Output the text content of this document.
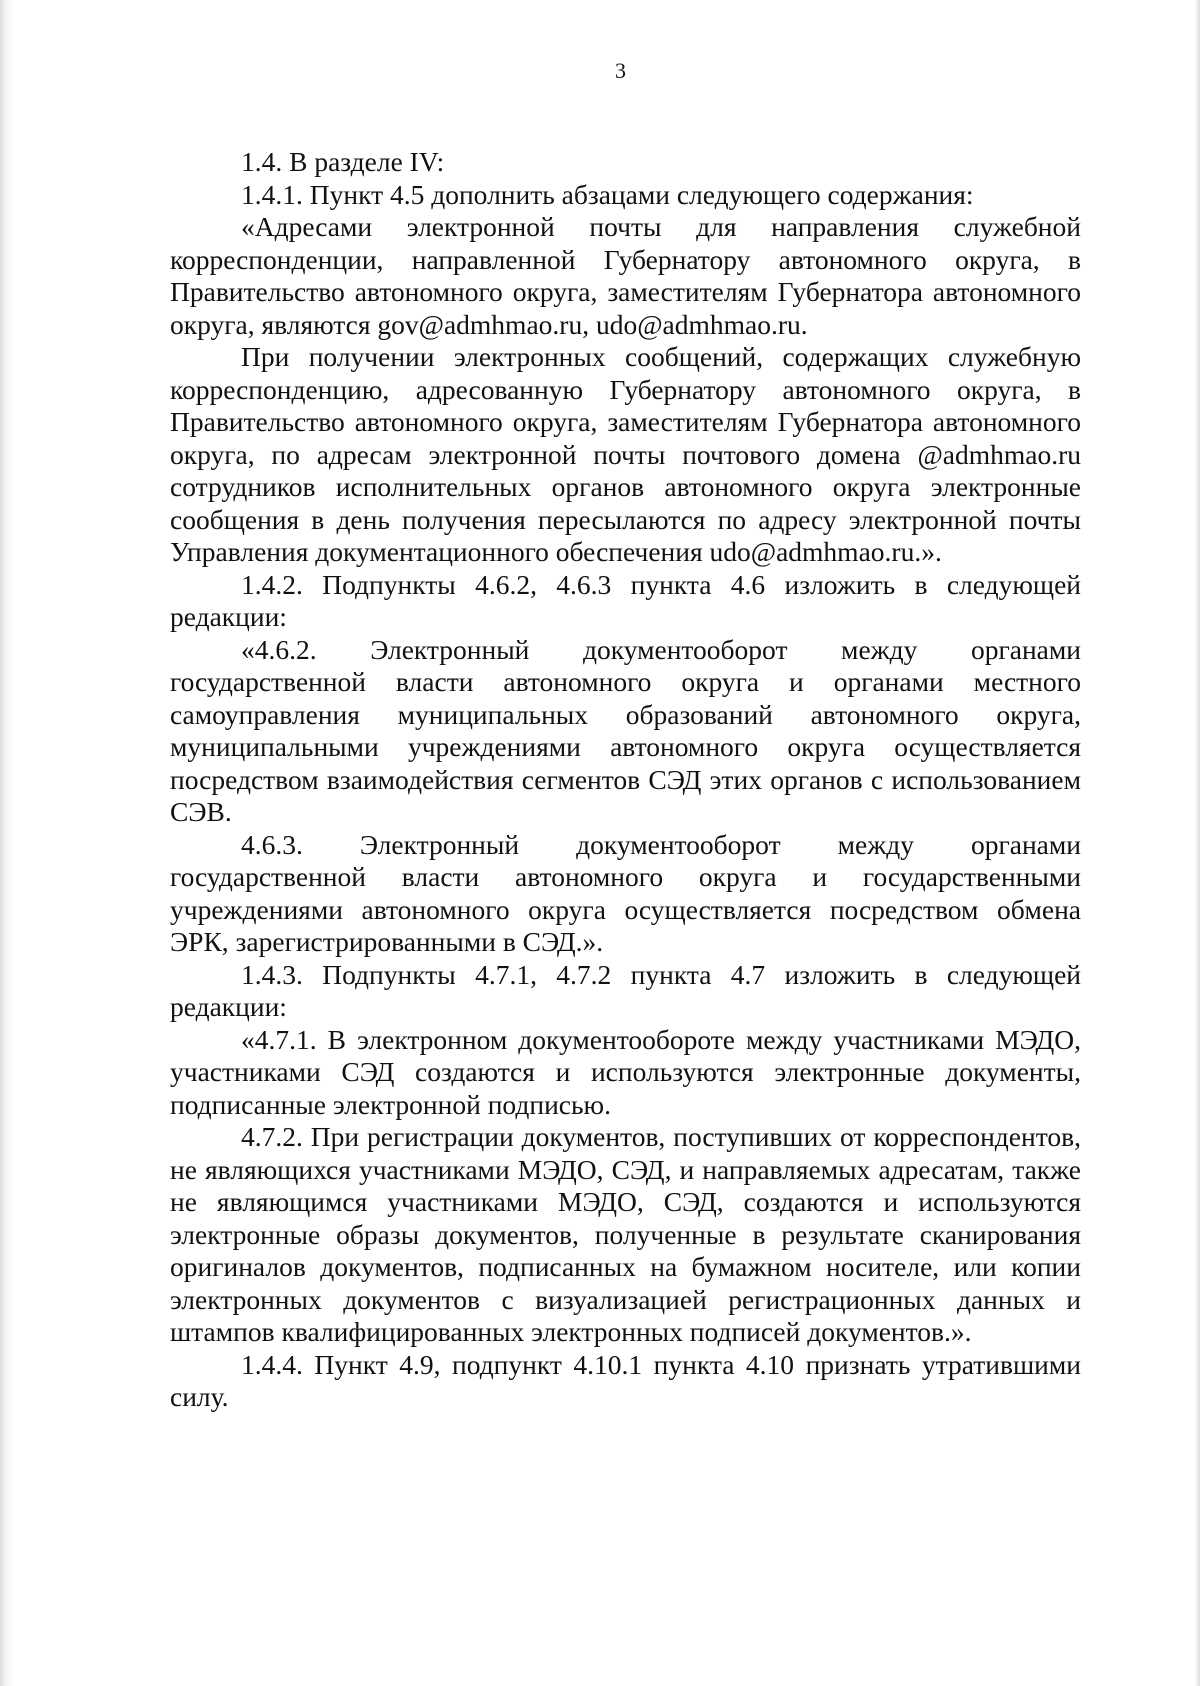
3

1.4. В разделе IV:

1.4.1. Пункт 4.5 дополнить абзацами следующего содержания:

«Адресами электронной почты для направления служебной корреспонденции, направленной Губернатору автономного округа, в Правительство автономного округа, заместителям Губернатора автономного округа, являются gov@admhmao.ru, udo@admhmao.ru.

При получении электронных сообщений, содержащих служебную корреспонденцию, адресованную Губернатору автономного округа, в Правительство автономного округа, заместителям Губернатора автономного округа, по адресам электронной почты почтового домена @admhmao.ru сотрудников исполнительных органов автономного округа электронные сообщения в день получения пересылаются по адресу электронной почты Управления документационного обеспечения udo@admhmao.ru.».

1.4.2. Подпункты 4.6.2, 4.6.3 пункта 4.6 изложить в следующей редакции:

«4.6.2. Электронный документооборот между органами государственной власти автономного округа и органами местного самоуправления муниципальных образований автономного округа, муниципальными учреждениями автономного округа осуществляется посредством взаимодействия сегментов СЭД этих органов с использованием СЭВ.

4.6.3. Электронный документооборот между органами государственной власти автономного округа и государственными учреждениями автономного округа осуществляется посредством обмена ЭРК, зарегистрированными в СЭД.».

1.4.3. Подпункты 4.7.1, 4.7.2 пункта 4.7 изложить в следующей редакции:

«4.7.1. В электронном документообороте между участниками МЭДО, участниками СЭД создаются и используются электронные документы, подписанные электронной подписью.

4.7.2. При регистрации документов, поступивших от корреспондентов, не являющихся участниками МЭДО, СЭД, и направляемых адресатам, также не являющимся участниками МЭДО, СЭД, создаются и используются электронные образы документов, полученные в результате сканирования оригиналов документов, подписанных на бумажном носителе, или копии электронных документов с визуализацией регистрационных данных и штампов квалифицированных электронных подписей документов.».

1.4.4. Пункт 4.9, подпункт 4.10.1 пункта 4.10 признать утратившими силу.
